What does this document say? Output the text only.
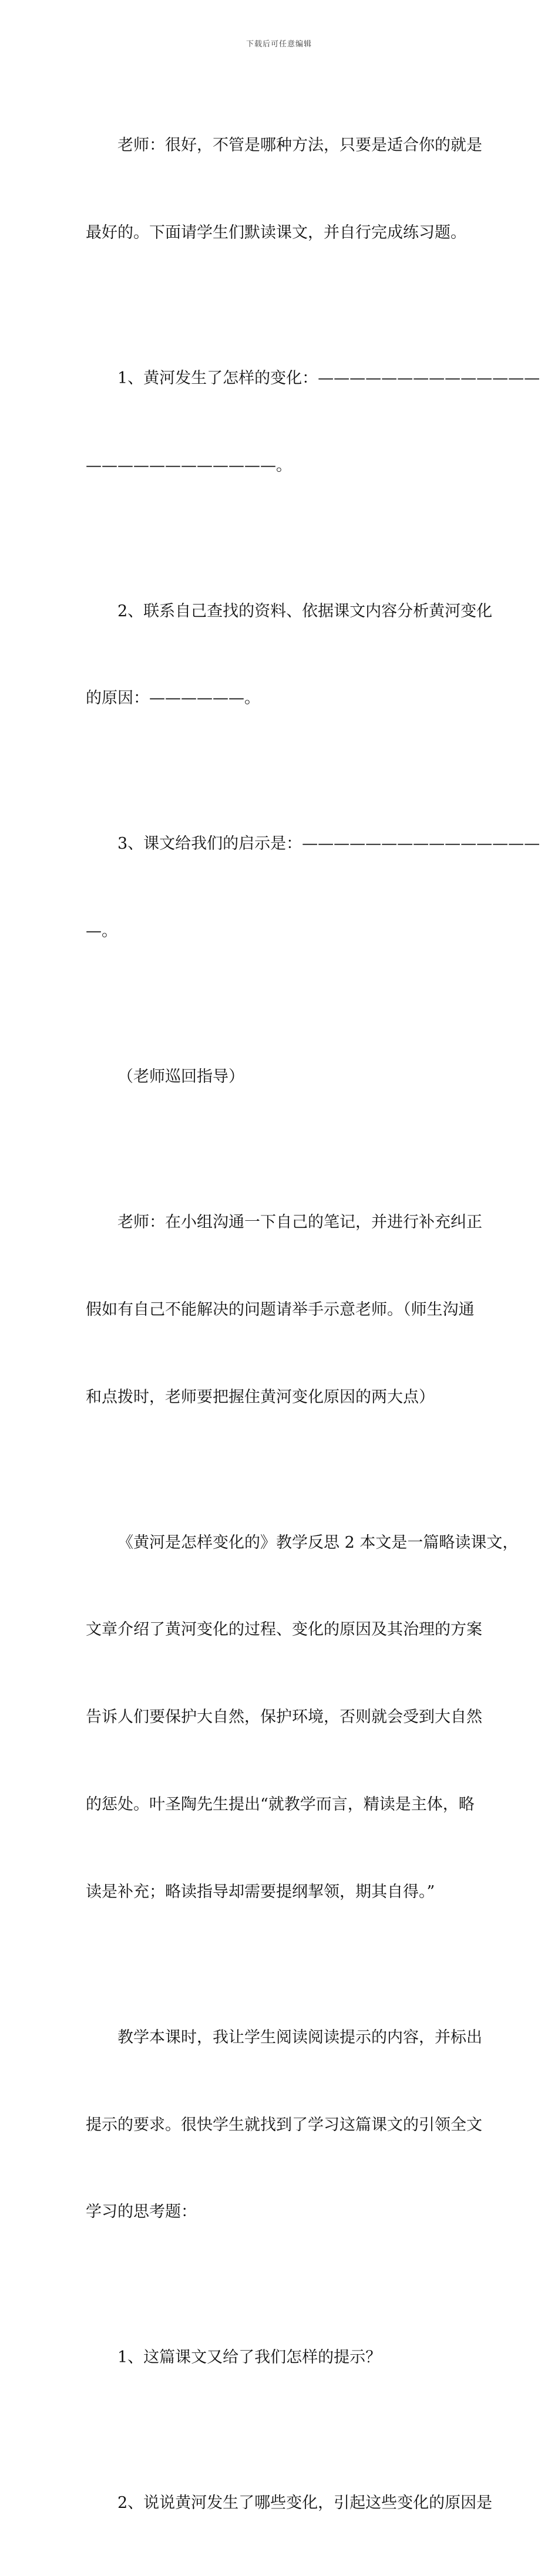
下载后可任意编辑

老师：很好，不管是哪种方法，只要是适合你的就是

最好的。下面请学生们默读课文，并自行完成练习题。

1、黄河发生了怎样的变化：——————————————

————————————。

2、联系自己查找的资料、依据课文内容分析黄河变化

的原因：——————。

3、课文给我们的启示是：———————————————

—。

（老师巡回指导）

老师：在小组沟通一下自己的笔记，并进行补充纠正

假如有自己不能解决的问题请举手示意老师。（师生沟通

和点拨时，老师要把握住黄河变化原因的两大点）

《黄河是怎样变化的》教学反思 2 本文是一篇略读课文，

文章介绍了黄河变化的过程、变化的原因及其治理的方案

告诉人们要保护大自然，保护环境，否则就会受到大自然

的惩处。叶圣陶先生提出“就教学而言，精读是主体，略

读是补充；略读指导却需要提纲挈领，期其自得。”

教学本课时，我让学生阅读阅读提示的内容，并标出

提示的要求。很快学生就找到了学习这篇课文的引领全文

学习的思考题：

1、这篇课文又给了我们怎样的提示？

2、说说黄河发生了哪些变化，引起这些变化的原因是
